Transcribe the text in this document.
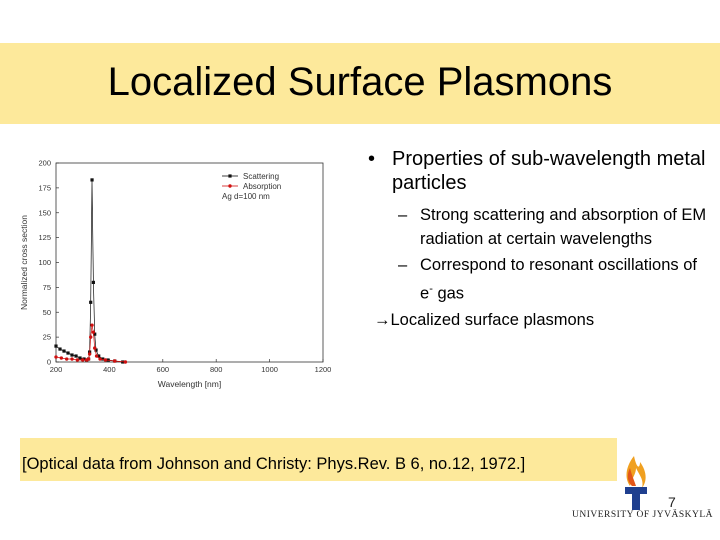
Localized Surface Plasmons
200	400	600	800	1000	1200
0
25
50
75
100
125
150
175
200
Wavelength [nm]
Normalized cross section
Scattering
Absorption
Ag d=100 nm
• Properties of sub-wavelength metal particles
– Strong scattering and absorption of EM radiation at certain wavelengths
– Correspond to resonant oscillations of e- gas
→Localized surface plasmons
[Optical data from Johnson and Christy: Phys.Rev. B 6, no.12, 1972.]
UNIVERSITY OF JYVÄSKYLÄ
7
